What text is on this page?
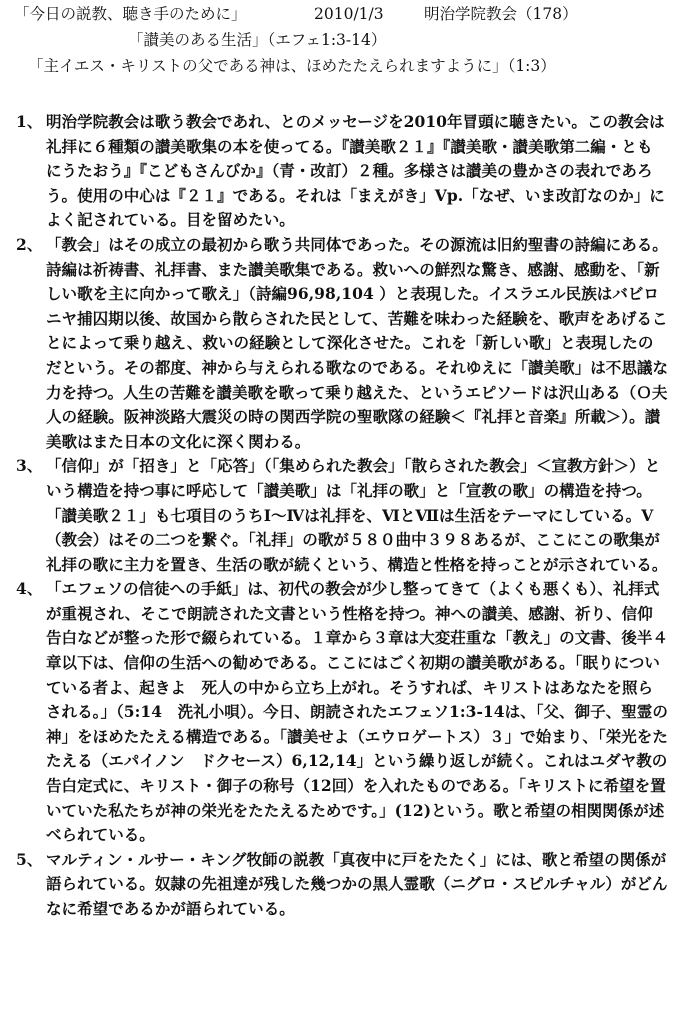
「今日の説教、聴き手のために」	2010/1/3	明治学院教会（178）
「讃美のある生活」（エフェ1:3-14）
「主イエス・キリストの父である神は、ほめたたえられますように」（1:3）

1、 明治学院教会は歌う教会であれ、とのメッセージを2010年冒頭に聴きたい。この教会は礼拝に６種類の讃美歌集の本を使ってる。『讃美歌２１』『讃美歌・讃美歌第二編・ともにうたおう』『こどもさんびか』（青・改訂）２種。多様さは讃美の豊かさの表れであろう。使用の中心は『２１』である。それは「まえがき」Vp.「なぜ、いま改訂なのか」によく記されている。目を留めたい。

2、 「教会」はその成立の最初から歌う共同体であった。その源流は旧約聖書の詩編にある。詩編は祈祷書、礼拝書、また讃美歌集である。救いへの鮮烈な驚き、感謝、感動を、「新しい歌を主に向かって歌え」（詩編96,98,104 ）と表現した。イスラエル民族はバビロニヤ捕囚期以後、故国から散らされた民として、苦難を味わった経験を、歌声をあげることによって乗り越え、救いの経験として深化させた。これを「新しい歌」と表現したのだという。その都度、神から与えられる歌なのである。それゆえに「讃美歌」は不思議な力を持つ。人生の苦難を讃美歌を歌って乗り越えた、というエピソードは沢山ある（Ｏ夫人の経験。阪神淡路大震災の時の関西学院の聖歌隊の経験＜『礼拝と音楽』所載＞）。讃美歌はまた日本の文化に深く関わる。

3、 「信仰」が「招き」と「応答」（「集められた教会」「散らされた教会」＜宣教方針＞）という構造を持つ事に呼応して「讃美歌」は「礼拝の歌」と「宣教の歌」の構造を持つ。「讃美歌２１」も七項目のうちⅠ～Ⅳは礼拝を、ⅥとⅦは生活をテーマにしている。Ⅴ（教会）はその二つを繋ぐ。「礼拝」の歌が５８０曲中３９８あるが、ここにこの歌集が礼拝の歌に主力を置き、生活の歌が続くという、構造と性格を持っことが示されている。

4、 「エフェソの信徒への手紙」は、初代の教会が少し整ってきて（よくも悪くも）、礼拝式が重視され、そこで朗読された文書という性格を持つ。神への讃美、感謝、祈り、信仰告白などが整った形で綴られている。１章から３章は大変荘重な「教え」の文書、後半４章以下は、信仰の生活への勧めである。ここにはごく初期の讃美歌がある。「眠りについている者よ、起きよ　死人の中から立ち上がれ。そうすれば、キリストはあなたを照らされる。」（5:14　洗礼小唄）。今日、朗読されたエフェソ1:3-14は、「父、御子、聖霊の神」をほめたたえる構造である。「讃美せよ（エウロゲートス）３」で始まり、「栄光をたたえる（エパイノン　ドクセース）6,12,14」という繰り返しが続く。これはユダヤ教の告白定式に、キリスト・御子の称号（12回）を入れたものである。「キリストに希望を置いていた私たちが神の栄光をたたえるためです。」(12)という。歌と希望の相関関係が述べられている。

5、 マルティン・ルサー・キング牧師の説教「真夜中に戸をたたく」には、歌と希望の関係が語られている。奴隷の先祖達が残した幾つかの黒人霊歌（ニグロ・スピルチャル）がどんなに希望であるかが語られている。
